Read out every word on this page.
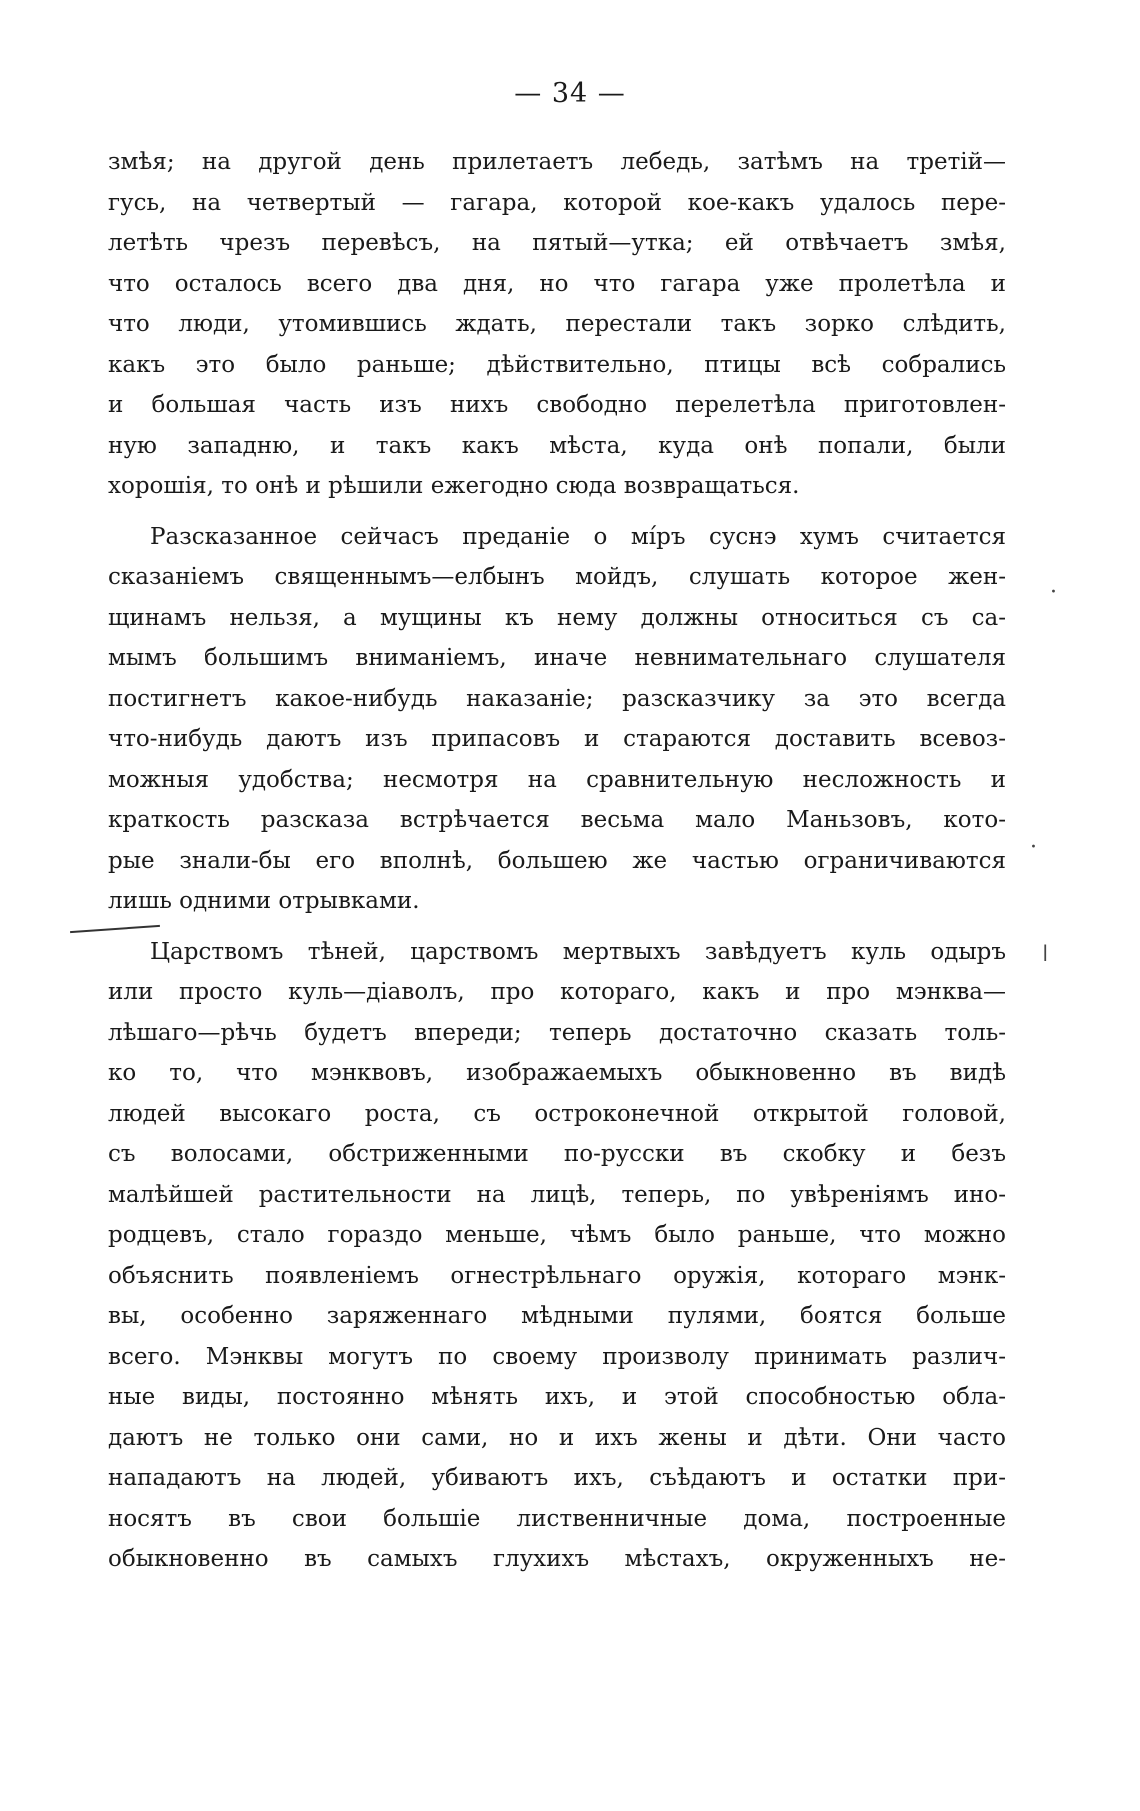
— 34 —
змѣя; на другой день прилетаетъ лебедь, затѣмъ на третій—
гусь, на четвертый — гагара, которой кое-какъ удалось пере-
летѣть чрезъ перевѣсъ, на пятый—утка; ей отвѣчаетъ змѣя,
что осталось всего два дня, но что гагара уже пролетѣла и
что люди, утомившись ждать, перестали такъ зорко слѣдить,
какъ это было раньше; дѣйствительно, птицы всѣ собрались
и большая часть изъ нихъ свободно перелетѣла приготовлен-
ную западню, и такъ какъ мѣста, куда онѣ попали, были
хорошія, то онѣ и рѣшили ежегодно сюда возвращаться.
Разсказанное сейчасъ преданіе о мíръ суснэ хумъ считается
сказаніемъ священнымъ—елбынъ мойдъ, слушать которое жен-
щинамъ нельзя, а мущины къ нему должны относиться съ са-
мымъ большимъ вниманіемъ, иначе невнимательнаго слушателя
постигнетъ какое-нибудь наказаніе; разсказчику за это всегда
что-нибудь даютъ изъ припасовъ и стараются доставить всевоз-
можныя удобства; несмотря на сравнительную несложность и
краткость разсказа встрѣчается весьма мало Маньзовъ, кото-
рые знали-бы его вполнѣ, большею же частью ограничиваются
лишь одними отрывками.
Царствомъ тѣней, царствомъ мертвыхъ завѣдуетъ куль одыръ
или просто куль—діаволъ, про котораго, какъ и про мэнква—
лѣшаго—рѣчь будетъ впереди; теперь достаточно сказать толь-
ко то, что мэнквовъ, изображаемыхъ обыкновенно въ видѣ
людей высокаго роста, съ остроконечной открытой головой,
съ волосами, обстриженными по-русски въ скобку и безъ
малѣйшей растительности на лицѣ, теперь, по увѣреніямъ ино-
родцевъ, стало гораздо меньше, чѣмъ было раньше, что можно
объяснить появленіемъ огнестрѣльнаго оружія, котораго мэнк-
вы, особенно заряженнаго мѣдными пулями, боятся больше
всего. Мэнквы могутъ по своему произволу принимать различ-
ные виды, постоянно мѣнять ихъ, и этой способностью обла-
даютъ не только они сами, но и ихъ жены и дѣти. Они часто
нападаютъ на людей, убиваютъ ихъ, съѣдаютъ и остатки при-
носятъ въ свои большіе лиственничные дома, построенные
обыкновенно въ самыхъ глухихъ мѣстахъ, окруженныхъ не-
ǀ
·
·
